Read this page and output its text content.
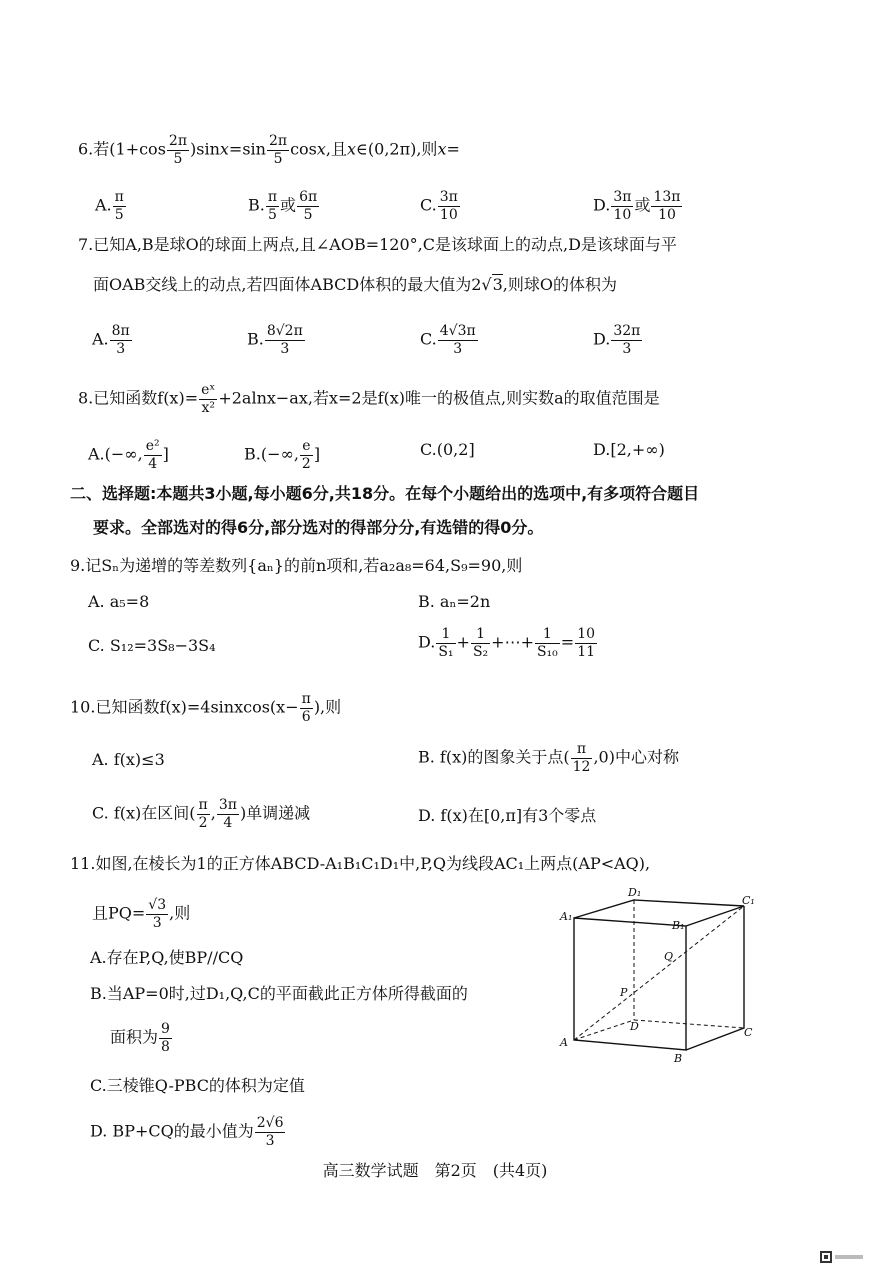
6.若$(1+\cos \frac{2\pi}{5} )\sin x=\sin \frac{2\pi}{5} \cos x$,且x∈(0,2π),则x=
A. $\frac{\pi}{5}$	B. $\frac{\pi}{5}$ 或 $\frac{6\pi}{5}$	C. $\frac{3\pi}{10}$	D. $\frac{3\pi}{10}$ 或 $\frac{13\pi}{10}$
7.已知A,B是球O的球面上两点,且∠AOB=120°,C是该球面上的动点,D是该球面与平
面OAB交线上的动点,若四面体ABCD体积的最大值为2√3,则球O的体积为
A. $\frac{8\pi}{3}$	B. $\frac{8√2\pi}{3}$	C. $\frac{4√3\pi}{3}$	D. $\frac{32\pi}{3}$
8.已知函数$f(x)= \frac{\text{eˣ}}{\text{x²}} +2alnx-ax$,若x=2是f(x)唯一的极值点,则实数a的取值范围是
A.(−∞, $\frac{\text{e²}}{4}$ ]	B.(−∞, $\frac{e}{2}$ ]	C.(0,2]	D.[2,+∞)
二、选择题:本题共3小题,每小题6分,共18分。在每个小题给出的选项中,有多项符合题目
要求。全部选对的得6分,部分选对的得部分分,有选错的得0分。
9.记Sₙ为递增的等差数列{aₙ}的前n项和,若a₂a₈=64,S₉=90,则
A. a₅=8	B. aₙ=2n
C. S₁₂=3S₈−3S₄	D. $\frac{1}{\text{S₁}} + \frac{1}{\text{S₂}}$ +⋯+ $\frac{1}{\text{S₁₀}} = \frac{10}{11}$
10.已知函数f(x)=4sinxcos(x− $\frac{\pi}{6}$ ),则
A. f(x)≤3	B. f(x)的图象关于点( $\frac{\pi}{12} ,0$)中心对称
C. f(x)在区间( $\frac{\pi}{2}$ , $\frac{3\pi}{4}$ )单调递减	D. f(x)在[0,π]有3个零点
11.如图,在棱长为1的正方体ABCD-A₁B₁C₁D₁中,P,Q为线段AC₁上两点(AP<AQ),
且$PQ= \frac{√3}{3}$ ,则
A.存在P,Q,使BP//CQ
B.当AP=0时,过D₁,Q,C的平面截此正方体所得截面的
面积为 $\frac{9}{8}$
C.三棱锥Q-PBC的体积为定值
D. BP+CQ的最小值为 $\frac{2√6}{3}$
A₁
D₁
B₁
C₁
Q
P
D	C
A
B
高三数学试题　第2页　(共4页)
